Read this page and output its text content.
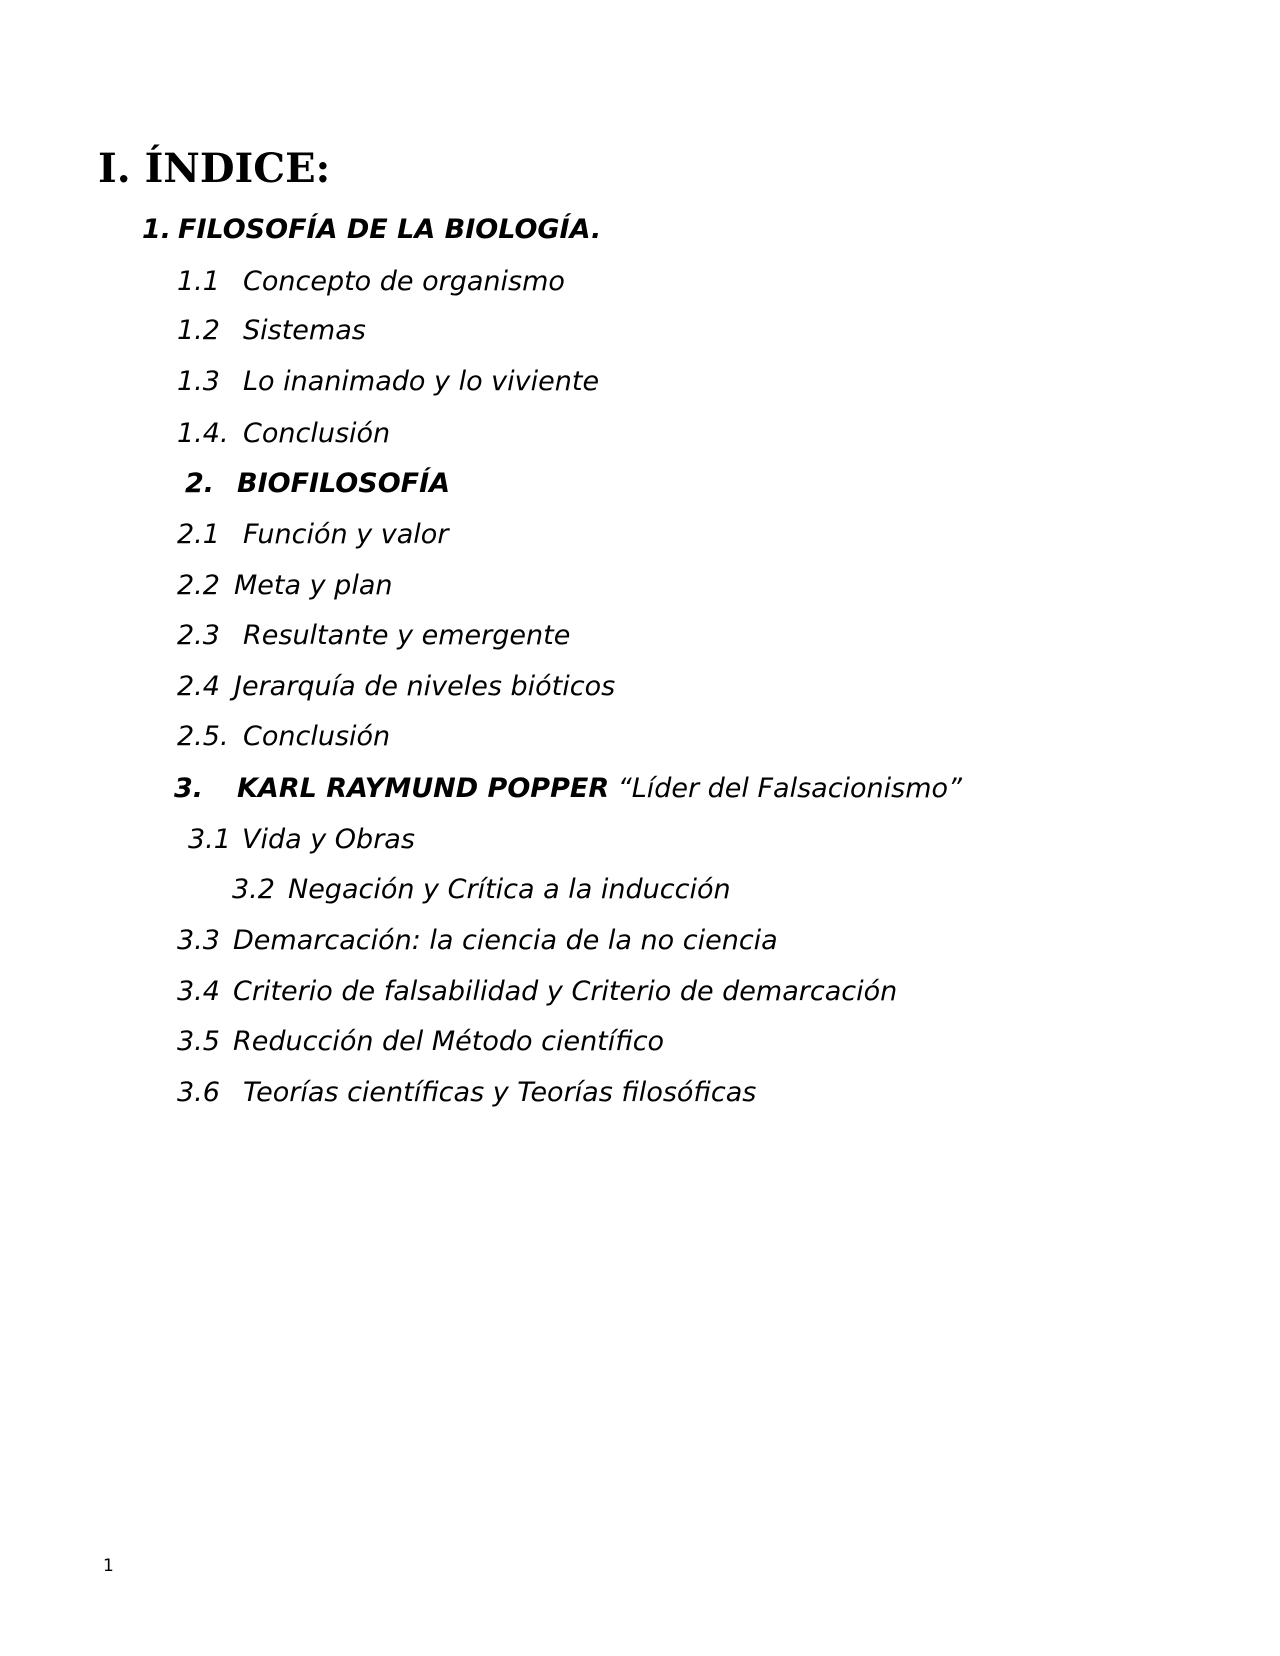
I. ÍNDICE:
1. FILOSOFÍA DE LA BIOLOGÍA.
1.1 Concepto de organismo
1.2 Sistemas
1.3 Lo inanimado y lo viviente
1.4. Conclusión
2. BIOFILOSOFÍA
2.1 Función y valor
2.2 Meta y plan
2.3 Resultante y emergente
2.4 Jerarquía de niveles bióticos
2.5. Conclusión
3. KARL RAYMUND POPPER “Líder del Falsacionismo”
3.1 Vida y Obras
3.2 Negación y Crítica a la inducción
3.3 Demarcación: la ciencia de la no ciencia
3.4 Criterio de falsabilidad y Criterio de demarcación
3.5 Reducción del Método científico
3.6 Teorías científicas y Teorías filosóficas
1
